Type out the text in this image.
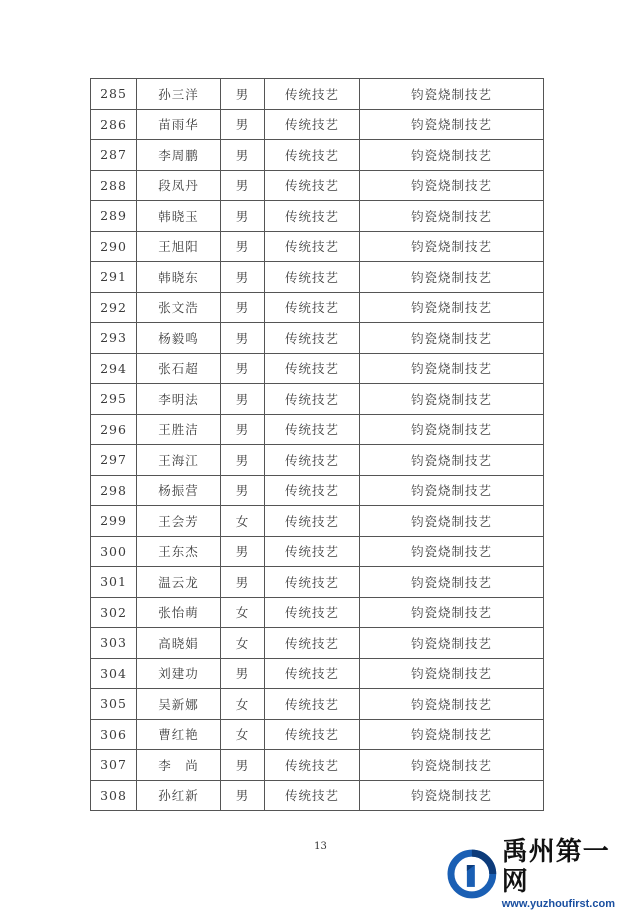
285	孙三洋	男	传统技艺	钧瓷烧制技艺
286	苗雨华	男	传统技艺	钧瓷烧制技艺
287	李周鹏	男	传统技艺	钧瓷烧制技艺
288	段凤丹	男	传统技艺	钧瓷烧制技艺
289	韩晓玉	男	传统技艺	钧瓷烧制技艺
290	王旭阳	男	传统技艺	钧瓷烧制技艺
291	韩晓东	男	传统技艺	钧瓷烧制技艺
292	张文浩	男	传统技艺	钧瓷烧制技艺
293	杨毅鸣	男	传统技艺	钧瓷烧制技艺
294	张石超	男	传统技艺	钧瓷烧制技艺
295	李明法	男	传统技艺	钧瓷烧制技艺
296	王胜洁	男	传统技艺	钧瓷烧制技艺
297	王海江	男	传统技艺	钧瓷烧制技艺
298	杨振营	男	传统技艺	钧瓷烧制技艺
299	王会芳	女	传统技艺	钧瓷烧制技艺
300	王东杰	男	传统技艺	钧瓷烧制技艺
301	温云龙	男	传统技艺	钧瓷烧制技艺
302	张怡萌	女	传统技艺	钧瓷烧制技艺
303	高晓娟	女	传统技艺	钧瓷烧制技艺
304	刘建功	男	传统技艺	钧瓷烧制技艺
305	吴新娜	女	传统技艺	钧瓷烧制技艺
306	曹红艳	女	传统技艺	钧瓷烧制技艺
307	李　尚	男	传统技艺	钧瓷烧制技艺
308	孙红新	男	传统技艺	钧瓷烧制技艺
13	禹州第一网
www.yuzhoufirst.com
